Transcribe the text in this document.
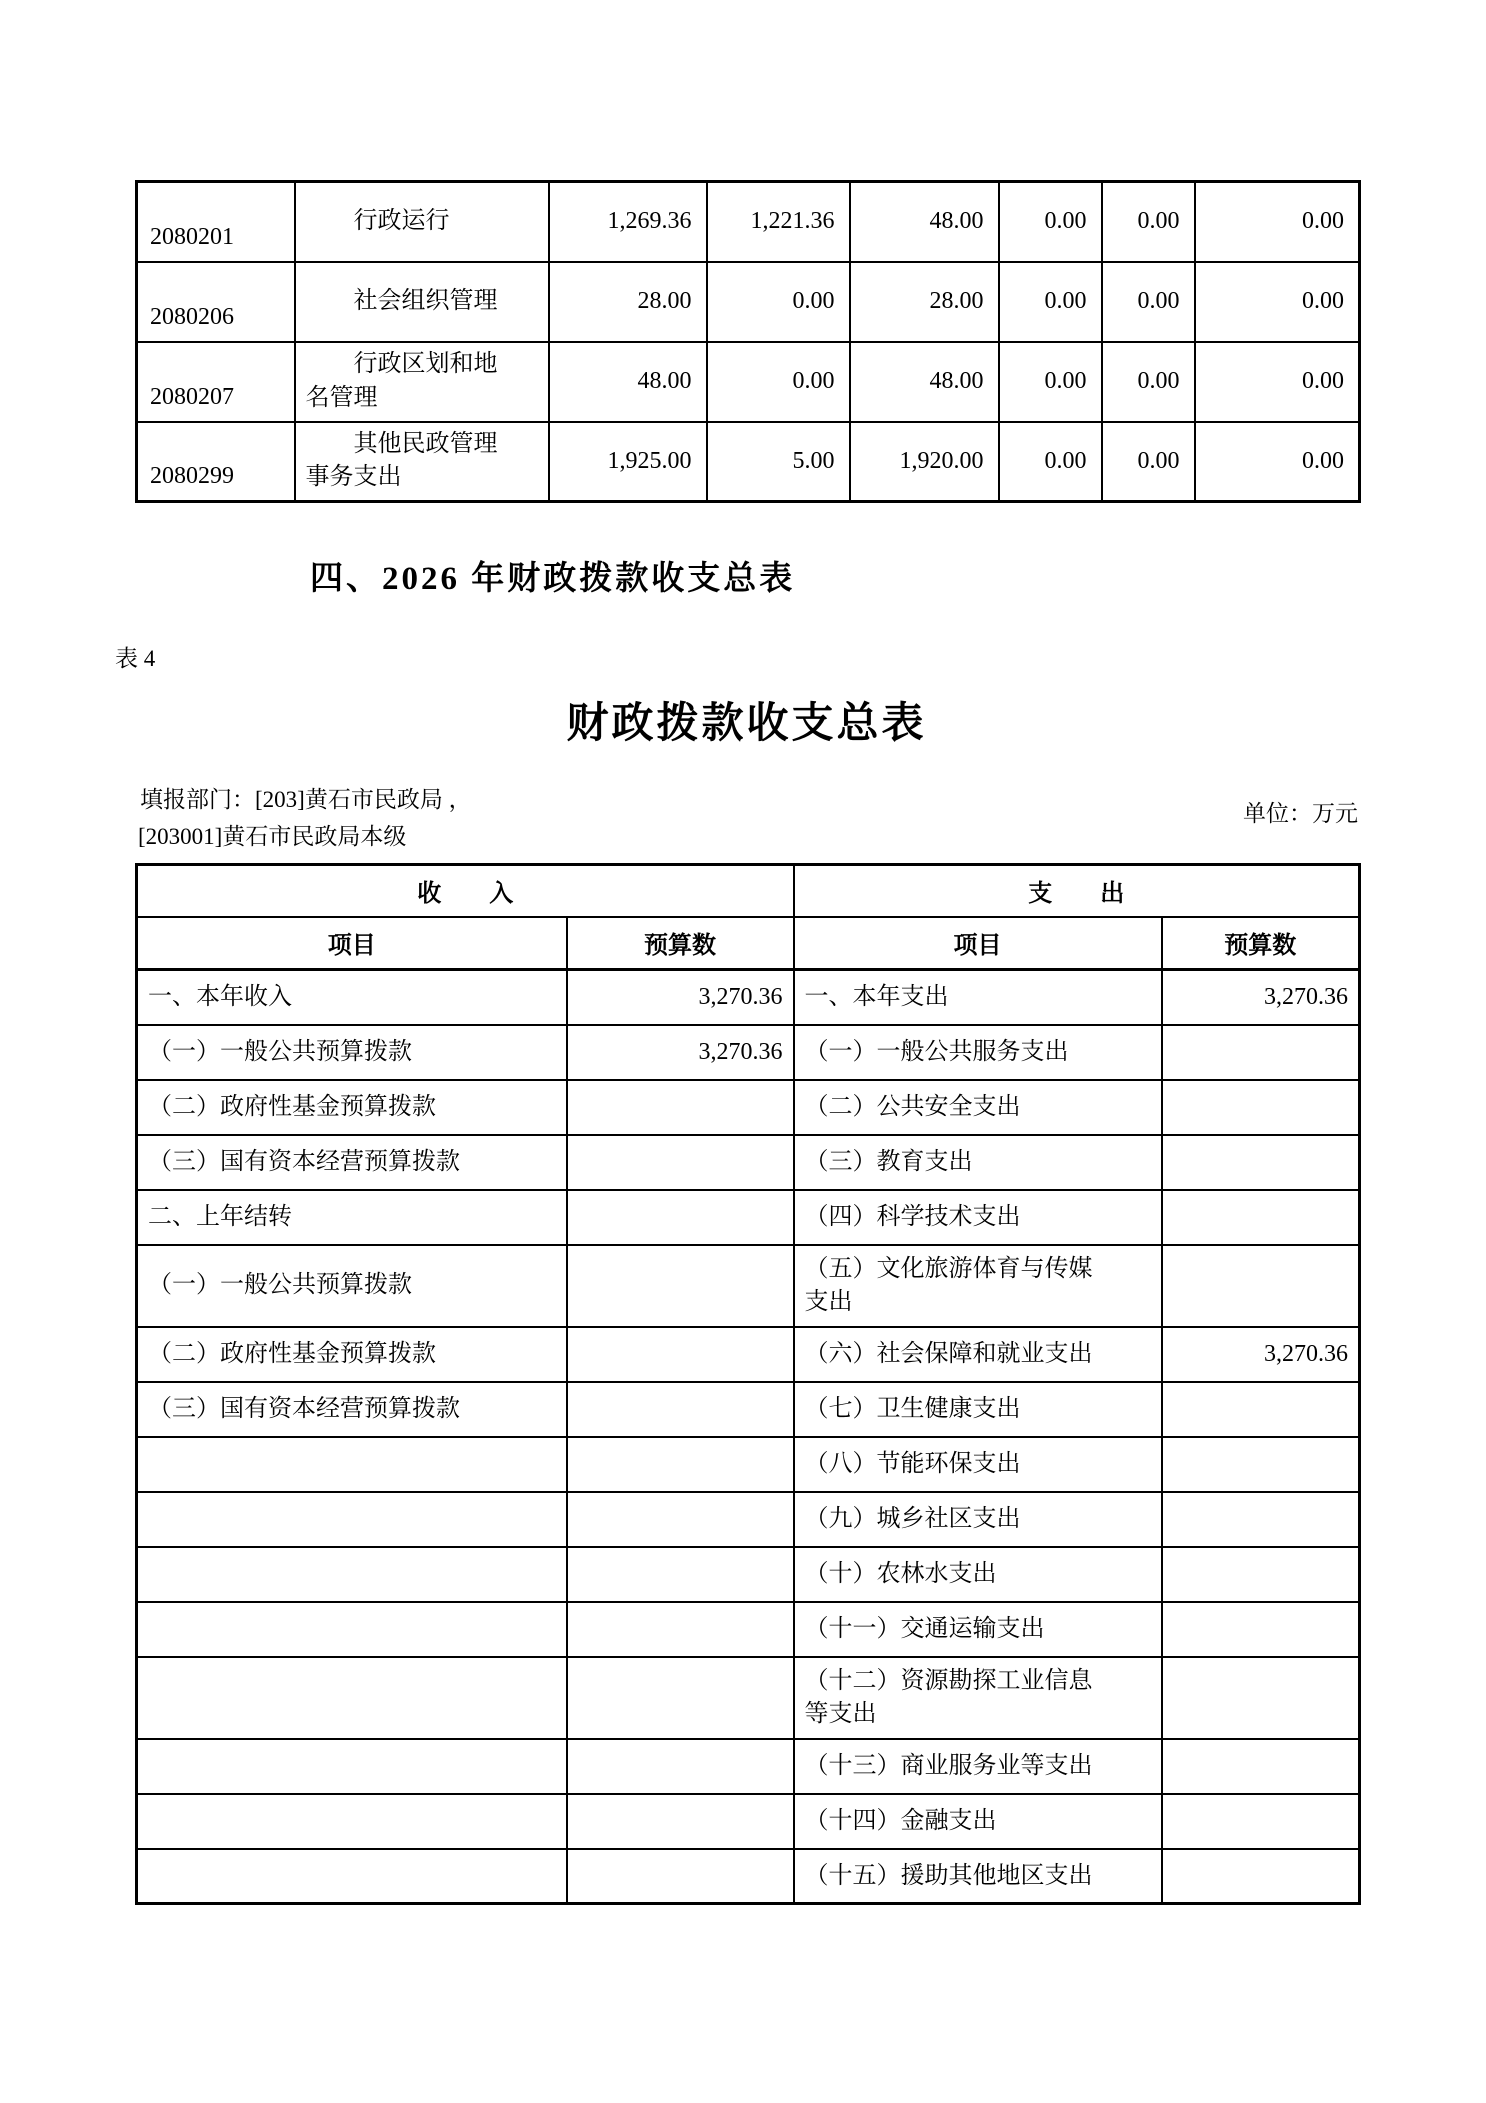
2080201	行政运行	1,269.36	1,221.36	48.00	0.00	0.00	0.00
2080206	社会组织管理	28.00	0.00	28.00	0.00	0.00	0.00
2080207	行政区划和地名管理	48.00	0.00	48.00	0.00	0.00	0.00
2080299	其他民政管理事务支出	1,925.00	5.00	1,920.00	0.00	0.00	0.00
四、2026 年财政拨款收支总表
表 4
财政拨款收支总表
填报部门：[203]黄石市民政局 ，
[203001]黄石市民政局本级
单位：万元
收　　入		支　　出	
项目	预算数	项目	预算数
一、本年收入	3,270.36	一、本年支出	3,270.36
（一）一般公共预算拨款	3,270.36	（一）一般公共服务支出	
（二）政府性基金预算拨款		（二）公共安全支出	
（三）国有资本经营预算拨款		（三）教育支出	
二、上年结转		（四）科学技术支出	
（一）一般公共预算拨款		（五）文化旅游体育与传媒支出	
（二）政府性基金预算拨款		（六）社会保障和就业支出	3,270.36
（三）国有资本经营预算拨款		（七）卫生健康支出	
		（八）节能环保支出	
		（九）城乡社区支出	
		（十）农林水支出	
		（十一）交通运输支出	
		（十二）资源勘探工业信息等支出	
		（十三）商业服务业等支出	
		（十四）金融支出	
		（十五）援助其他地区支出	
